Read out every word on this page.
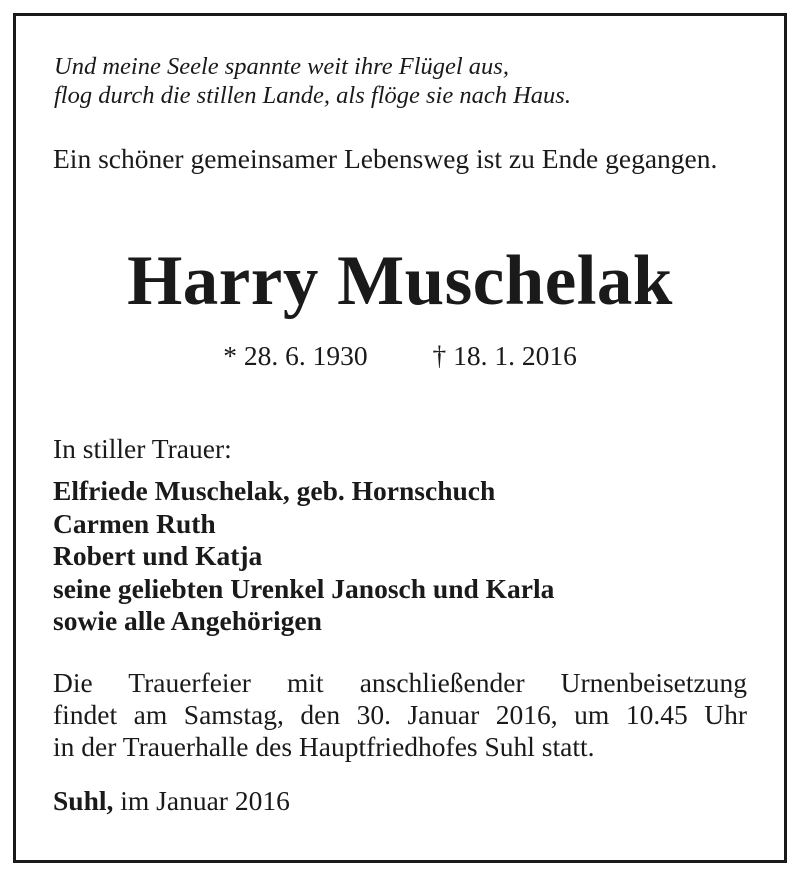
Und meine Seele spannte weit ihre Flügel aus,
flog durch die stillen Lande, als flöge sie nach Haus.

Ein schöner gemeinsamer Lebensweg ist zu Ende gegangen.

Harry Muschelak

* 28. 6. 1930 † 18. 1. 2016

In stiller Trauer:

Elfriede Muschelak, geb. Hornschuch
Carmen Ruth
Robert und Katja
seine geliebten Urenkel Janosch und Karla
sowie alle Angehörigen

Die Trauerfeier mit anschließender Urnenbeisetzung
findet am Samstag, den 30. Januar 2016, um 10.45 Uhr
in der Trauerhalle des Hauptfriedhofes Suhl statt.

Suhl, im Januar 2016
